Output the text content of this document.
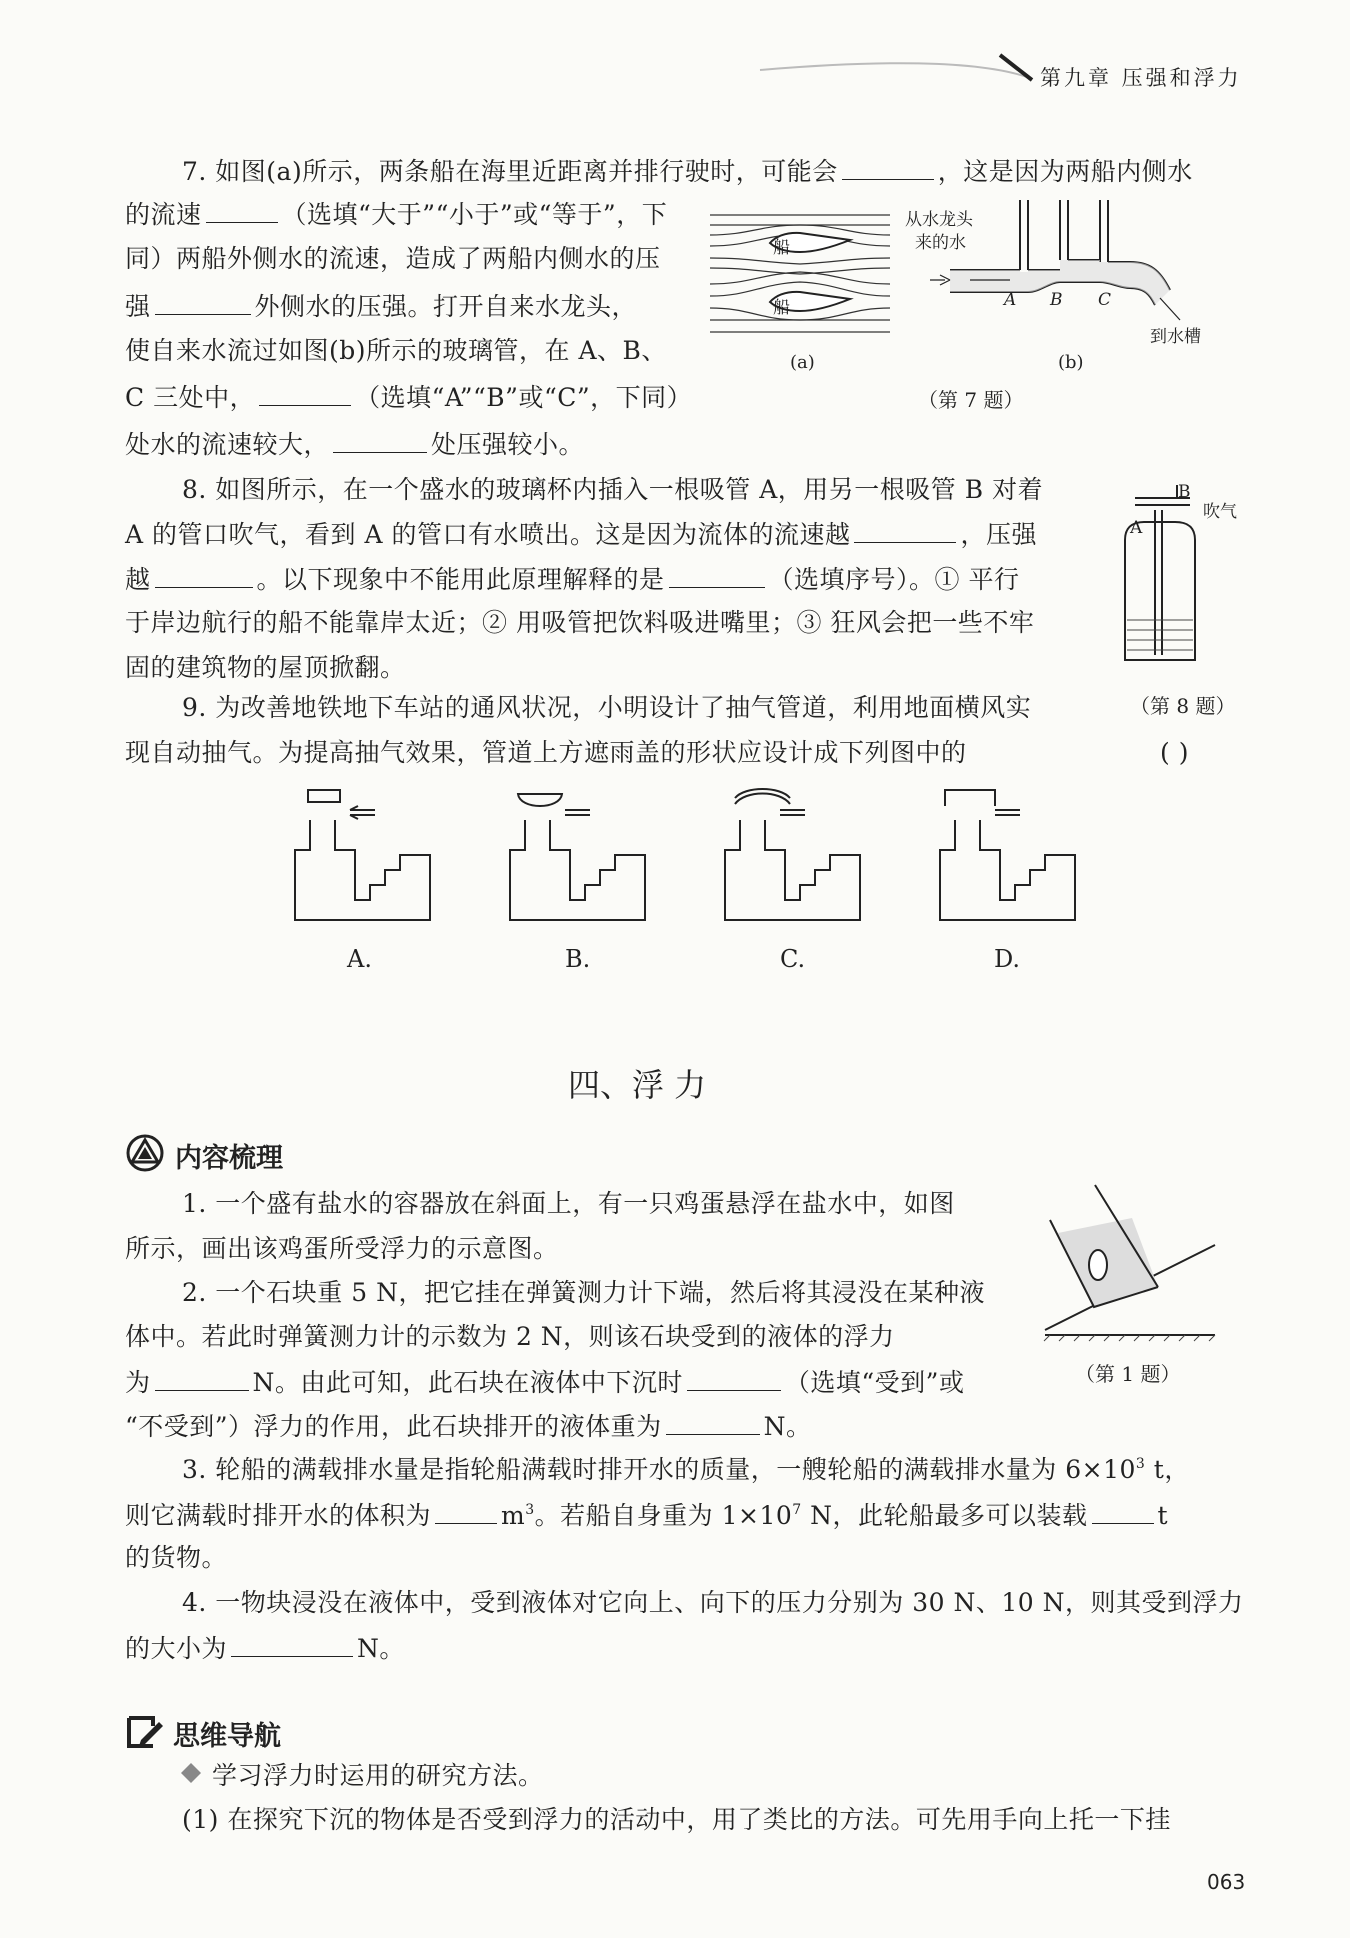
第九章 压强和浮力
7. 如图(a)所示，两条船在海里近距离并排行驶时，可能会	，这是因为两船内侧水
的流速	（选填“大于”“小于”或“等于”，下
同）两船外侧水的流速，造成了两船内侧水的压
强	外侧水的压强。打开自来水龙头，
使自来水流过如图(b)所示的玻璃管，在 A、B、
C 三处中，	（选填“A”“B”或“C”，下同）
处水的流速较大，	处压强较小。
船
船
(a)
从水龙头
来的水
A B C
到水槽
(b)
（第 7 题）
8. 如图所示，在一个盛水的玻璃杯内插入一根吸管 A，用另一根吸管 B 对着
A 的管口吹气，看到 A 的管口有水喷出。这是因为流体的流速越	，压强
越	。以下现象中不能用此原理解释的是	（选填序号）。① 平行
于岸边航行的船不能靠岸太近；② 用吸管把饮料吸进嘴里；③ 狂风会把一些不牢
固的建筑物的屋顶掀翻。
B
A
吹气
（第 8 题）
9. 为改善地铁地下车站的通风状况，小明设计了抽气管道，利用地面横风实
现自动抽气。为提高抽气效果，管道上方遮雨盖的形状应设计成下列图中的	( )
A.	B.	C.	D.
四、浮 力
内容梳理
1. 一个盛有盐水的容器放在斜面上，有一只鸡蛋悬浮在盐水中，如图
所示，画出该鸡蛋所受浮力的示意图。
（第 1 题）
2. 一个石块重 5 N，把它挂在弹簧测力计下端，然后将其浸没在某种液
体中。若此时弹簧测力计的示数为 2 N，则该石块受到的液体的浮力
为	N。由此可知，此石块在液体中下沉时	（选填“受到”或
“不受到”）浮力的作用，此石块排开的液体重为	N。
3. 轮船的满载排水量是指轮船满载时排开水的质量，一艘轮船的满载排水量为 $6\times 10^3$ t，
则它满载时排开水的体积为	$m^3$。若船自身重为 $1\times 10^7$ N，此轮船最多可以装载	t
的货物。
4. 一物块浸没在液体中，受到液体对它向上、向下的压力分别为 30 N、10 N，则其受到浮力
的大小为	N。
思维导航
学习浮力时运用的研究方法。
(1) 在探究下沉的物体是否受到浮力的活动中，用了类比的方法。可先用手向上托一下挂
063
